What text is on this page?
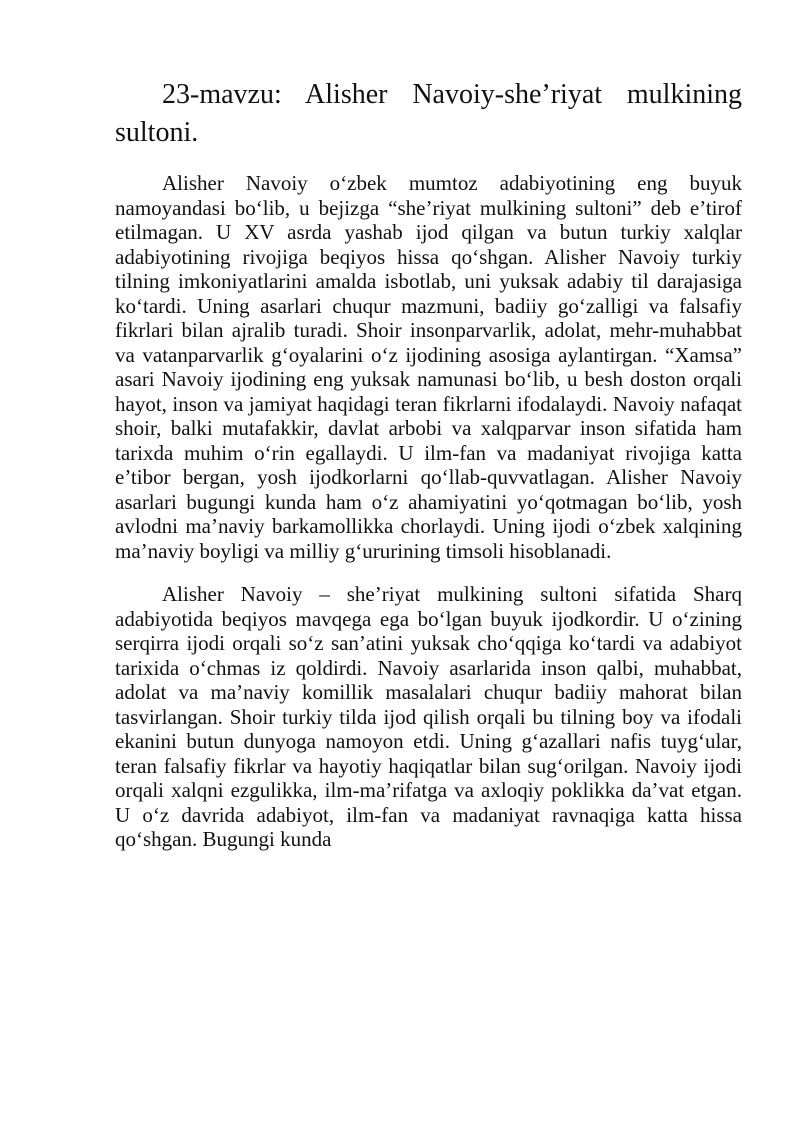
23-mavzu: Alisher Navoiy-she’riyat mulkining sultoni.

Alisher Navoiy o‘zbek mumtoz adabiyotining eng buyuk namoyandasi bo‘lib, u bejizga “she’riyat mulkining sultoni” deb e’tirof etilmagan. U XV asrda yashab ijod qilgan va butun turkiy xalqlar adabiyotining rivojiga beqiyos hissa qo‘shgan. Alisher Navoiy turkiy tilning imkoniyatlarini amalda isbotlab, uni yuksak adabiy til darajasiga ko‘tardi. Uning asarlari chuqur mazmuni, badiiy go‘zalligi va falsafiy fikrlari bilan ajralib turadi. Shoir insonparvarlik, adolat, mehr-muhabbat va vatanparvarlik g‘oyalarini o‘z ijodining asosiga aylantirgan. “Xamsa” asari Navoiy ijodining eng yuksak namunasi bo‘lib, u besh doston orqali hayot, inson va jamiyat haqidagi teran fikrlarni ifodalaydi. Navoiy nafaqat shoir, balki mutafakkir, davlat arbobi va xalqparvar inson sifatida ham tarixda muhim o‘rin egallaydi. U ilm-fan va madaniyat rivojiga katta e’tibor bergan, yosh ijodkorlarni qo‘llab-quvvatlagan. Alisher Navoiy asarlari bugungi kunda ham o‘z ahamiyatini yo‘qotmagan bo‘lib, yosh avlodni ma’naviy barkamollikka chorlaydi. Uning ijodi o‘zbek xalqining ma’naviy boyligi va milliy g‘ururining timsoli hisoblanadi.

Alisher Navoiy – she’riyat mulkining sultoni sifatida Sharq adabiyotida beqiyos mavqega ega bo‘lgan buyuk ijodkordir. U o‘zining serqirra ijodi orqali so‘z san’atini yuksak cho‘qqiga ko‘tardi va adabiyot tarixida o‘chmas iz qoldirdi. Navoiy asarlarida inson qalbi, muhabbat, adolat va ma’naviy komillik masalalari chuqur badiiy mahorat bilan tasvirlangan. Shoir turkiy tilda ijod qilish orqali bu tilning boy va ifodali ekanini butun dunyoga namoyon etdi. Uning g‘azallari nafis tuyg‘ular, teran falsafiy fikrlar va hayotiy haqiqatlar bilan sug‘orilgan. Navoiy ijodi orqali xalqni ezgulikka, ilm-ma’rifatga va axloqiy poklikka da’vat etgan. U o‘z davrida adabiyot, ilm-fan va madaniyat ravnaqiga katta hissa qo‘shgan. Bugungi kunda
